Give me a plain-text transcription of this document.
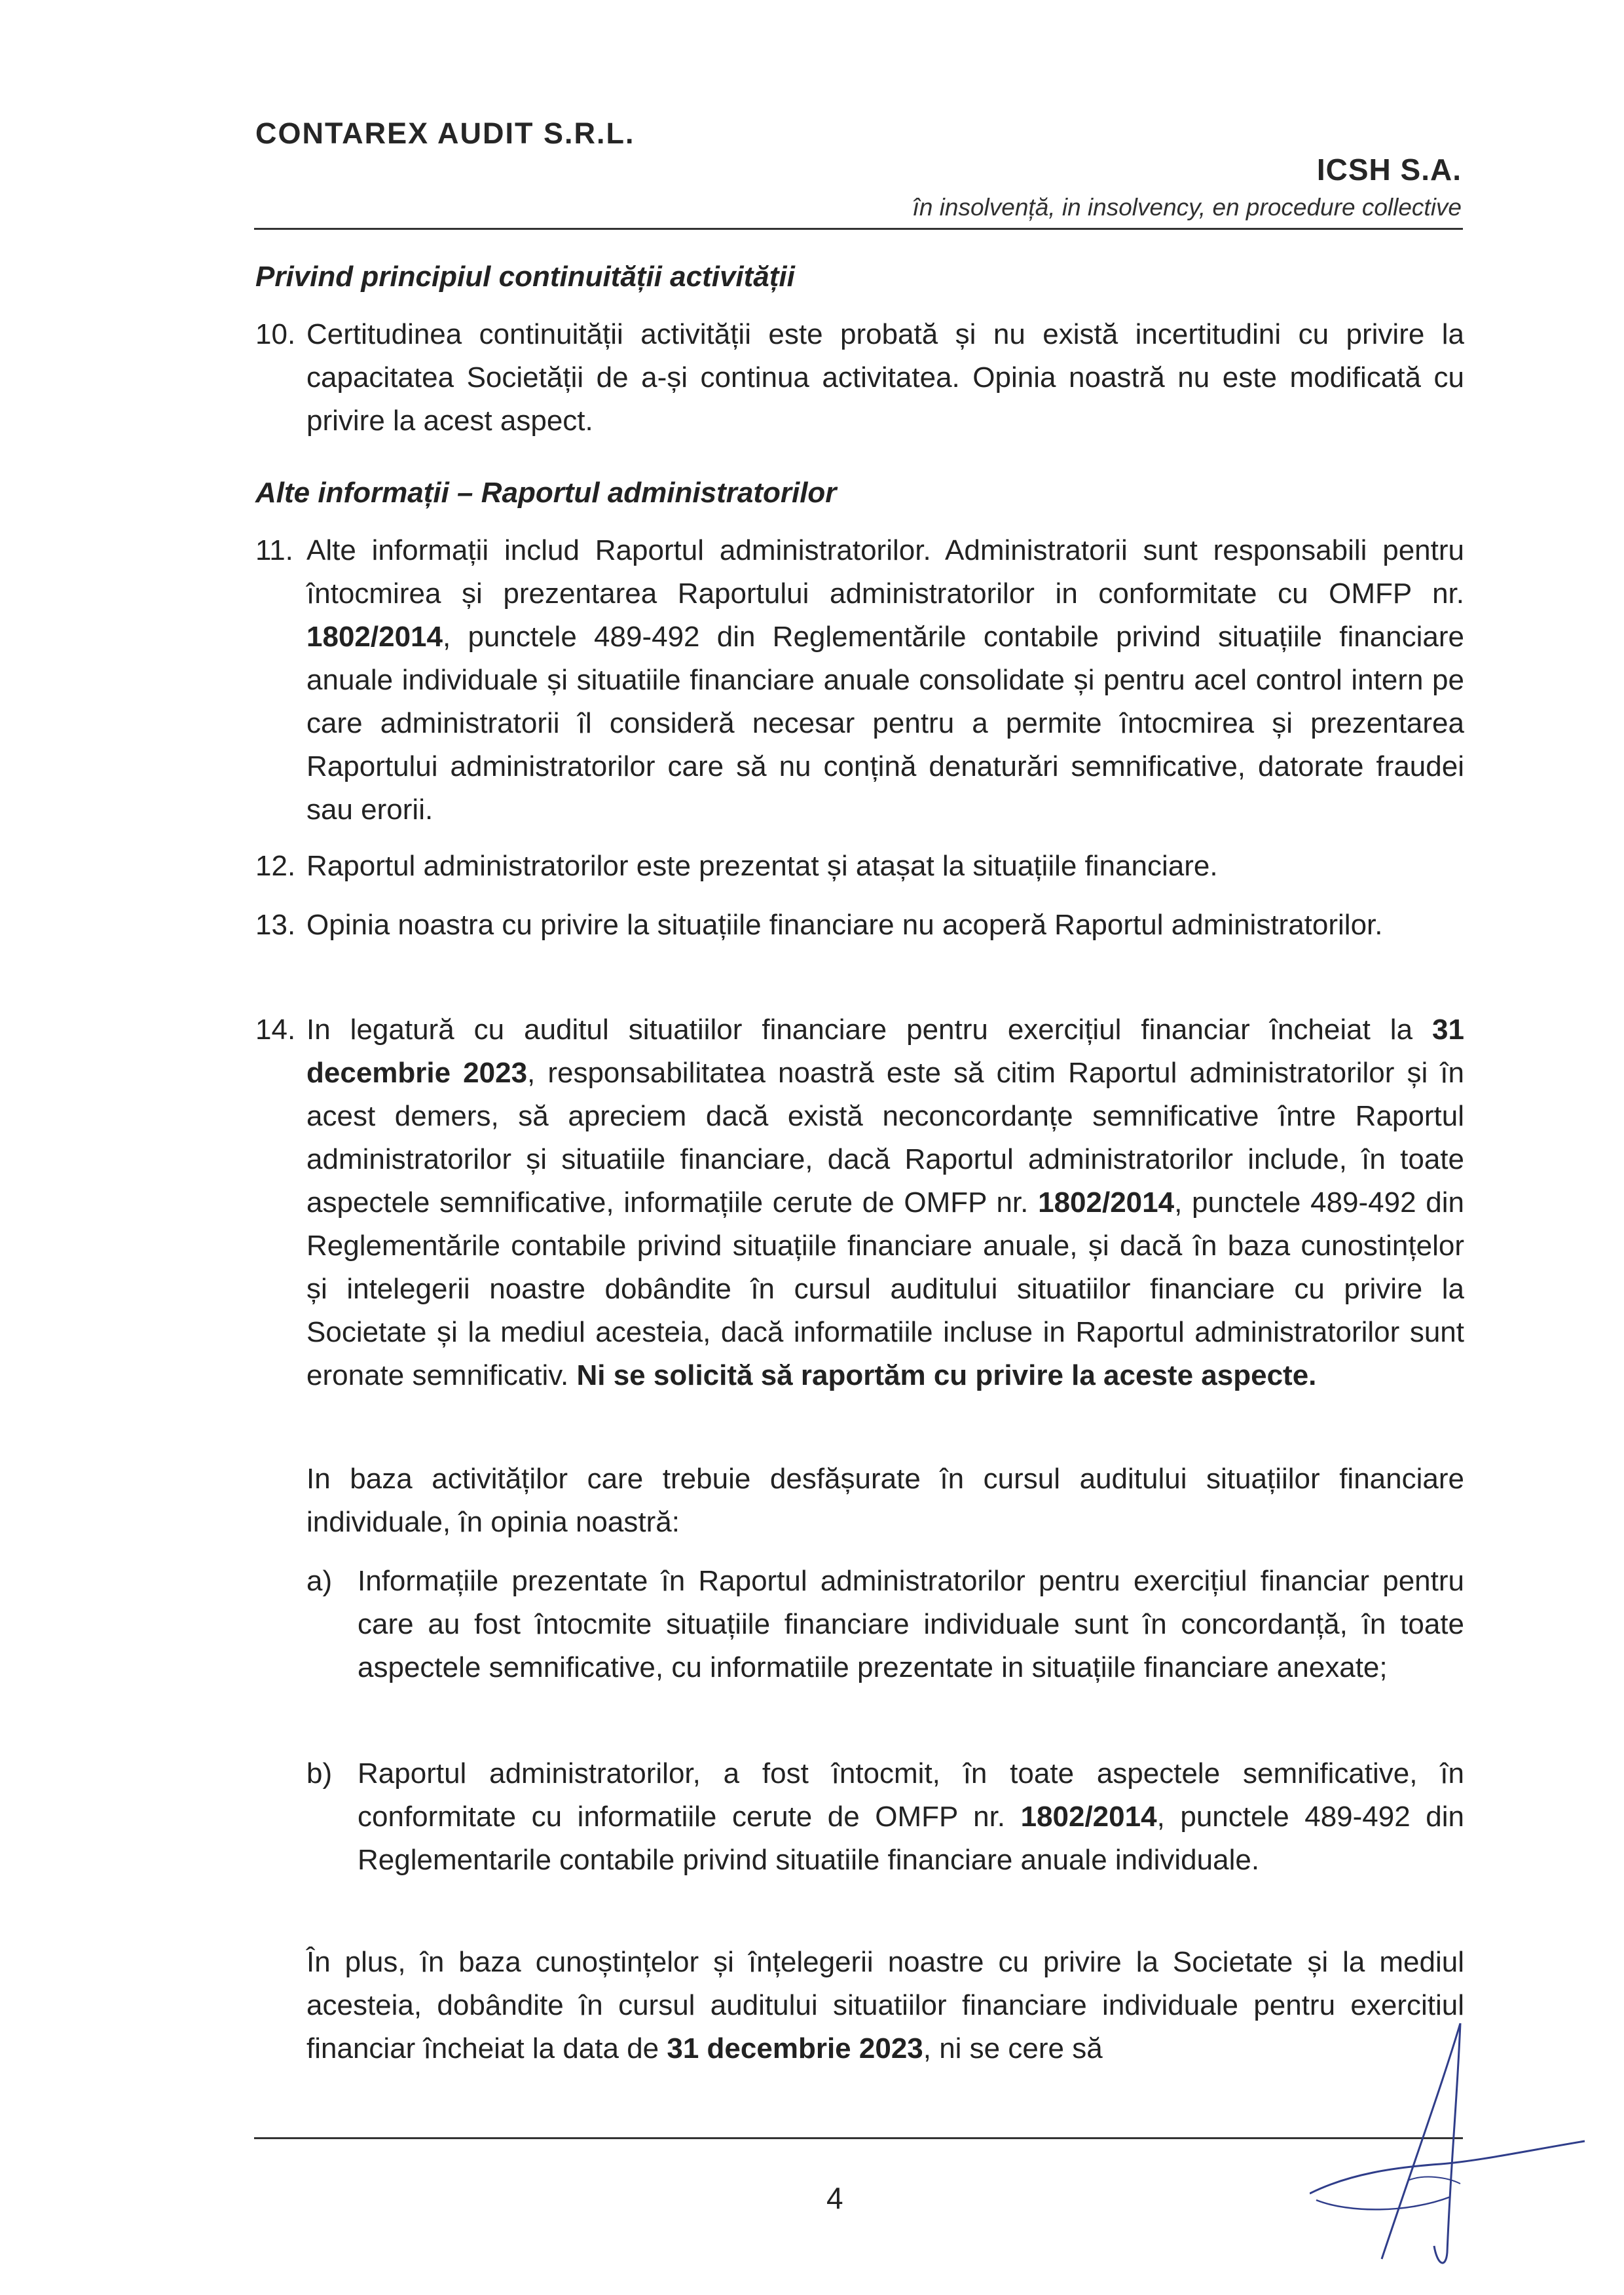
CONTAREX AUDIT S.R.L.
ICSH S.A.
în insolvență, in insolvency, en procedure collective
Privind principiul continuității activității
10. Certitudinea continuității activității este probată și nu există incertitudini cu privire la capacitatea Societății de a-și continua activitatea. Opinia noastră nu este modificată cu privire la acest aspect.
Alte informații – Raportul administratorilor
11. Alte informații includ Raportul administratorilor. Administratorii sunt responsabili pentru întocmirea și prezentarea Raportului administratorilor in conformitate cu OMFP nr. 1802/2014, punctele 489-492 din Reglementările contabile privind situațiile financiare anuale individuale și situatiile financiare anuale consolidate și pentru acel control intern pe care administratorii îl consideră necesar pentru a permite întocmirea și prezentarea Raportului administratorilor care să nu conțină denaturări semnificative, datorate fraudei sau erorii.
12. Raportul administratorilor este prezentat și atașat la situațiile financiare.
13. Opinia noastra cu privire la situațiile financiare nu acoperă Raportul administratorilor.
14. In legatură cu auditul situatiilor financiare pentru exercițiul financiar încheiat la 31 decembrie 2023, responsabilitatea noastră este să citim Raportul administratorilor și în acest demers, să apreciem dacă există neconcordanțe semnificative între Raportul administratorilor și situatiile financiare, dacă Raportul administratorilor include, în toate aspectele semnificative, informațiile cerute de OMFP nr. 1802/2014, punctele 489-492 din Reglementările contabile privind situațiile financiare anuale, și dacă în baza cunostințelor și intelegerii noastre dobândite în cursul auditului situatiilor financiare cu privire la Societate și la mediul acesteia, dacă informatiile incluse in Raportul administratorilor sunt eronate semnificativ. Ni se solicită să raportăm cu privire la aceste aspecte.
In baza activităților care trebuie desfășurate în cursul auditului situațiilor financiare individuale, în opinia noastră:
a) Informațiile prezentate în Raportul administratorilor pentru exercițiul financiar pentru care au fost întocmite situațiile financiare individuale sunt în concordanță, în toate aspectele semnificative, cu informatiile prezentate in situațiile financiare anexate;
b) Raportul administratorilor, a fost întocmit, în toate aspectele semnificative, în conformitate cu informatiile cerute de OMFP nr. 1802/2014, punctele 489-492 din Reglementarile contabile privind situatiile financiare anuale individuale.
În plus, în baza cunoștințelor și înțelegerii noastre cu privire la Societate și la mediul acesteia, dobândite în cursul auditului situatiilor financiare individuale pentru exercitiul financiar încheiat la data de 31 decembrie 2023, ni se cere să
4
